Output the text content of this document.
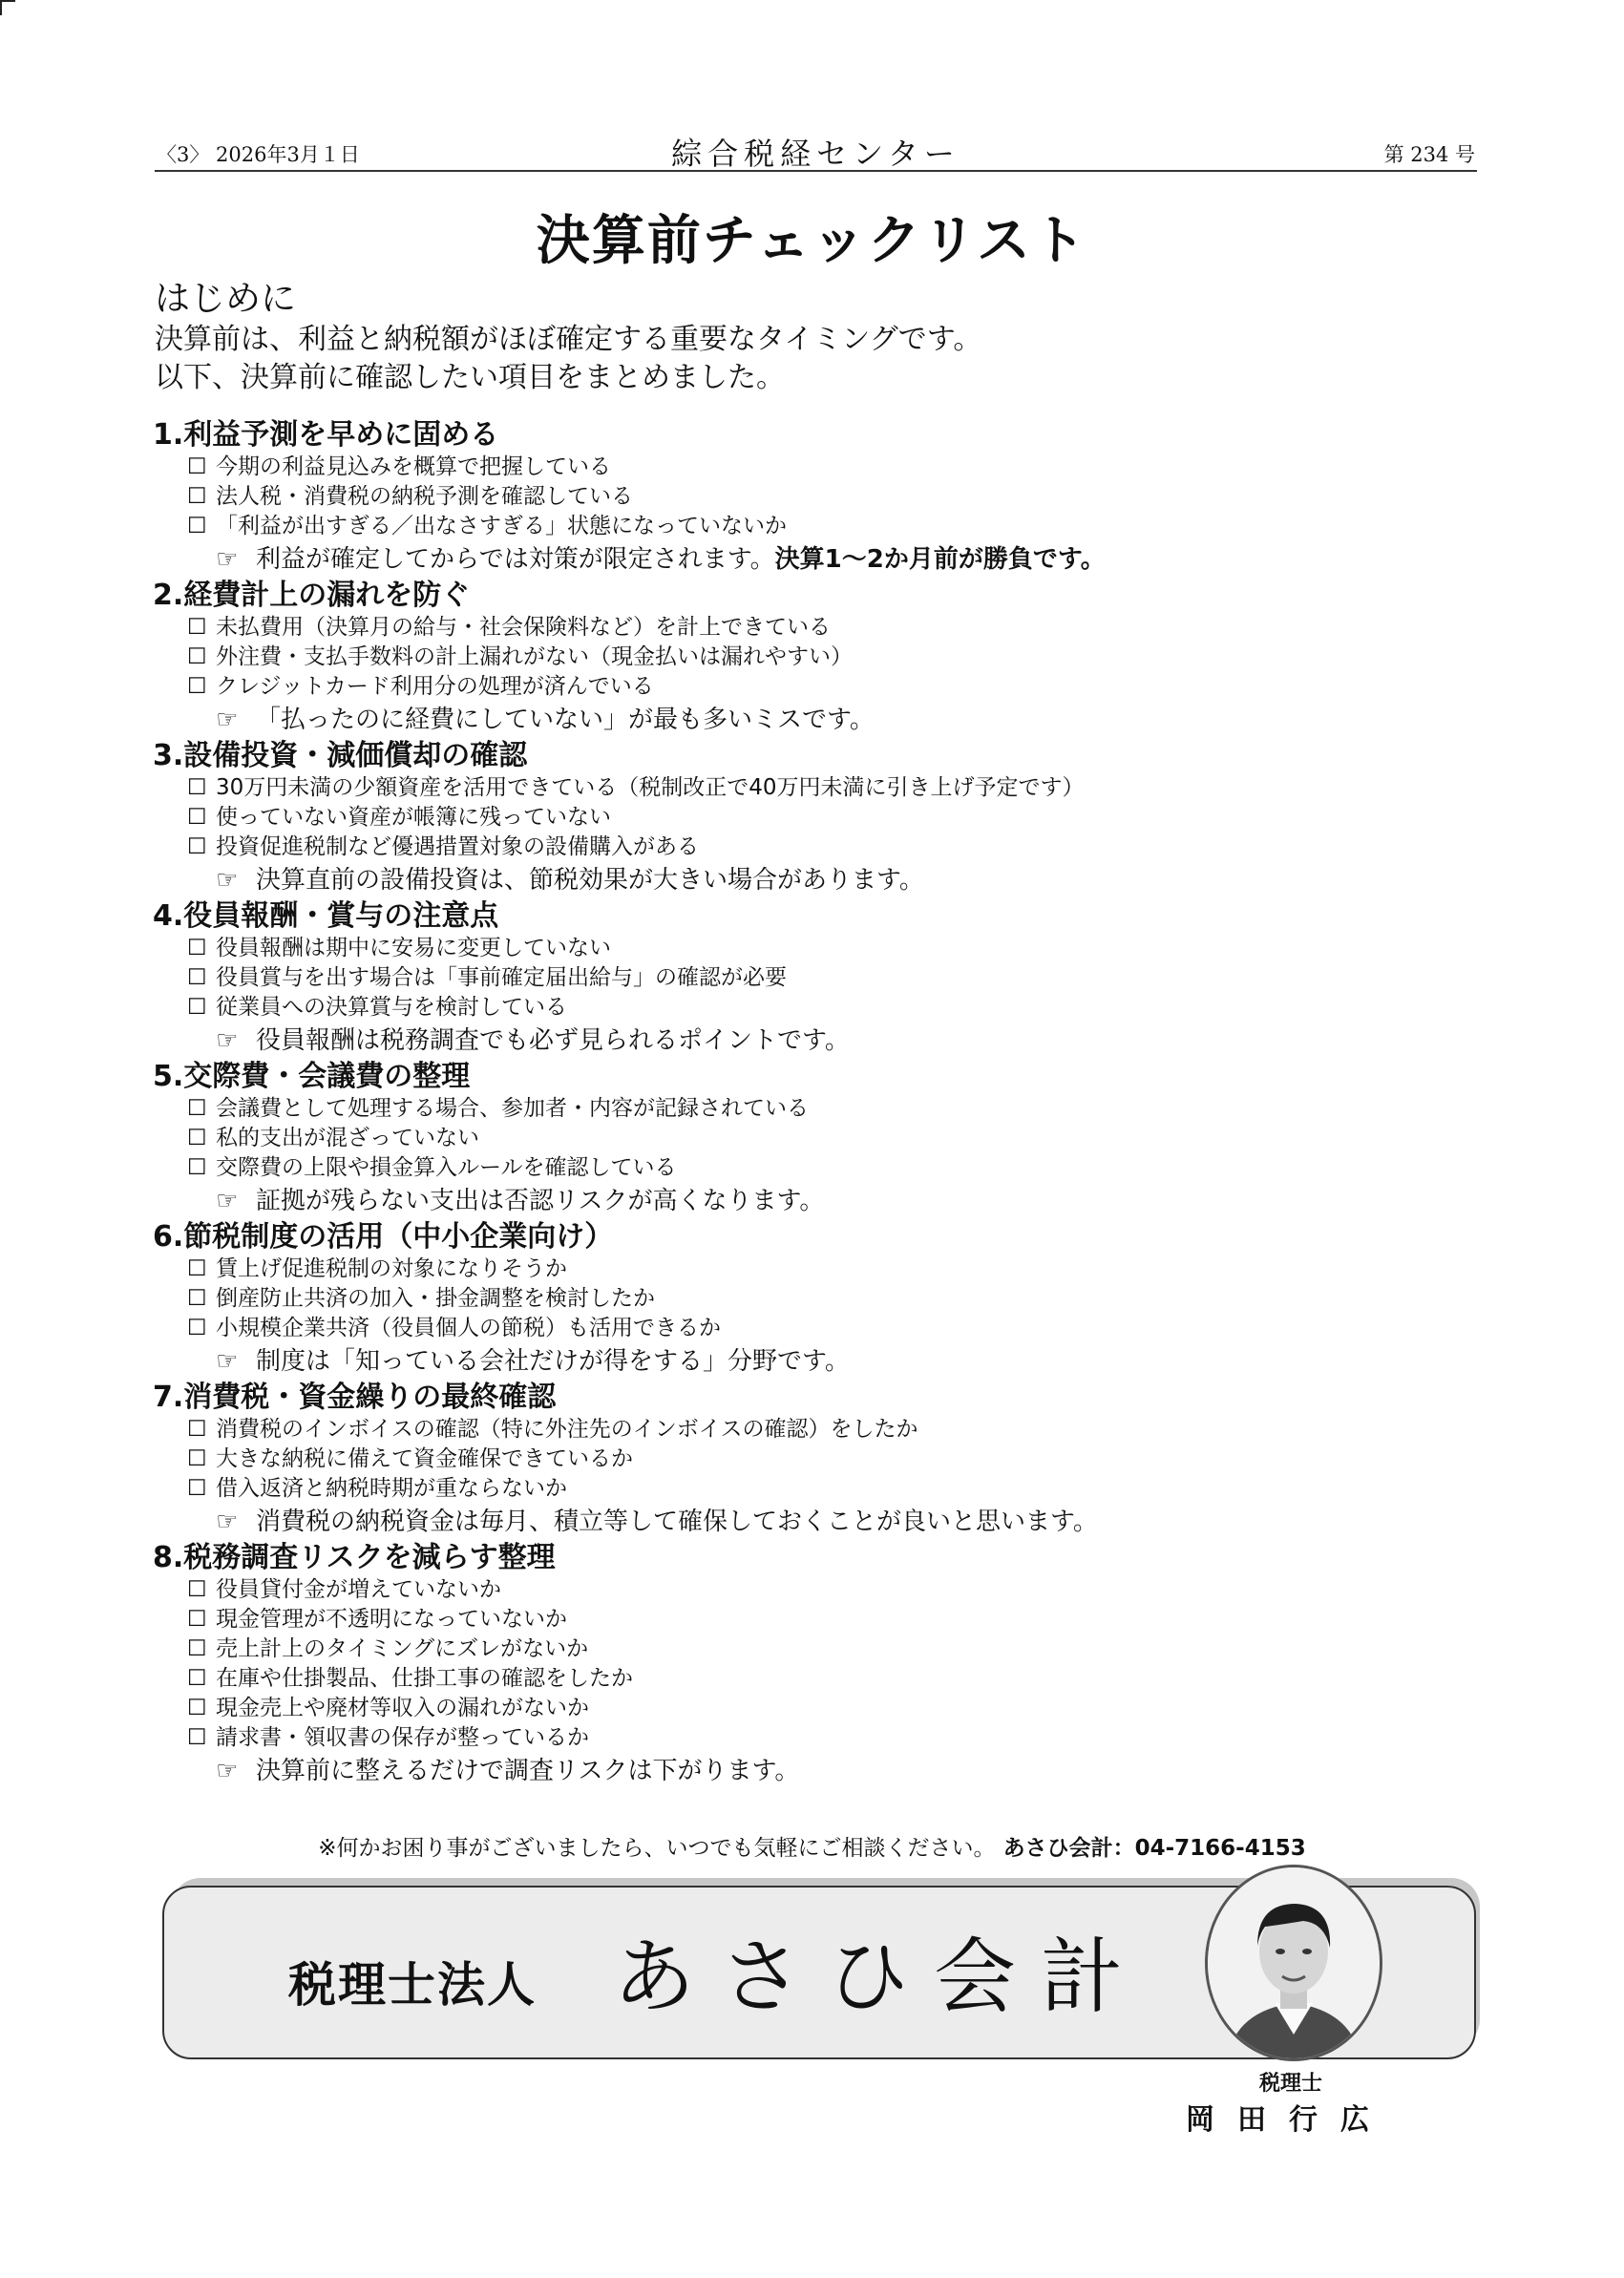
〈3〉 2026年3月１日	綜合税経センター	第 234 号
決算前チェックリスト
はじめに
決算前は、利益と納税額がほぼ確定する重要なタイミングです。
以下、決算前に確認したい項目をまとめました。
1.利益予測を早めに固める
☐ 今期の利益見込みを概算で把握している
☐ 法人税・消費税の納税予測を確認している
☐ 「利益が出すぎる／出なさすぎる」状態になっていないか
☞ 利益が確定してからでは対策が限定されます。決算1〜2か月前が勝負です。
2.経費計上の漏れを防ぐ
☐ 未払費用（決算月の給与・社会保険料など）を計上できている
☐ 外注費・支払手数料の計上漏れがない（現金払いは漏れやすい）
☐ クレジットカード利用分の処理が済んでいる
☞ 「払ったのに経費にしていない」が最も多いミスです。
3.設備投資・減価償却の確認
☐ 30万円未満の少額資産を活用できている（税制改正で40万円未満に引き上げ予定です）
☐ 使っていない資産が帳簿に残っていない
☐ 投資促進税制など優遇措置対象の設備購入がある
☞ 決算直前の設備投資は、節税効果が大きい場合があります。
4.役員報酬・賞与の注意点
☐ 役員報酬は期中に安易に変更していない
☐ 役員賞与を出す場合は「事前確定届出給与」の確認が必要
☐ 従業員への決算賞与を検討している
☞ 役員報酬は税務調査でも必ず見られるポイントです。
5.交際費・会議費の整理
☐ 会議費として処理する場合、参加者・内容が記録されている
☐ 私的支出が混ざっていない
☐ 交際費の上限や損金算入ルールを確認している
☞ 証拠が残らない支出は否認リスクが高くなります。
6.節税制度の活用（中小企業向け）
☐ 賃上げ促進税制の対象になりそうか
☐ 倒産防止共済の加入・掛金調整を検討したか
☐ 小規模企業共済（役員個人の節税）も活用できるか
☞ 制度は「知っている会社だけが得をする」分野です。
7.消費税・資金繰りの最終確認
☐ 消費税のインボイスの確認（特に外注先のインボイスの確認）をしたか
☐ 大きな納税に備えて資金確保できているか
☐ 借入返済と納税時期が重ならないか
☞ 消費税の納税資金は毎月、積立等して確保しておくことが良いと思います。
8.税務調査リスクを減らす整理
☐ 役員貸付金が増えていないか
☐ 現金管理が不透明になっていないか
☐ 売上計上のタイミングにズレがないか
☐ 在庫や仕掛製品、仕掛工事の確認をしたか
☐ 現金売上や廃材等収入の漏れがないか
☐ 請求書・領収書の保存が整っているか
☞ 決算前に整えるだけで調査リスクは下がります。
※何かお困り事がございましたら、いつでも気軽にご相談ください。 あさひ会計：04-7166-4153
税理士法人 あさひ会計
税理士
岡田行広
